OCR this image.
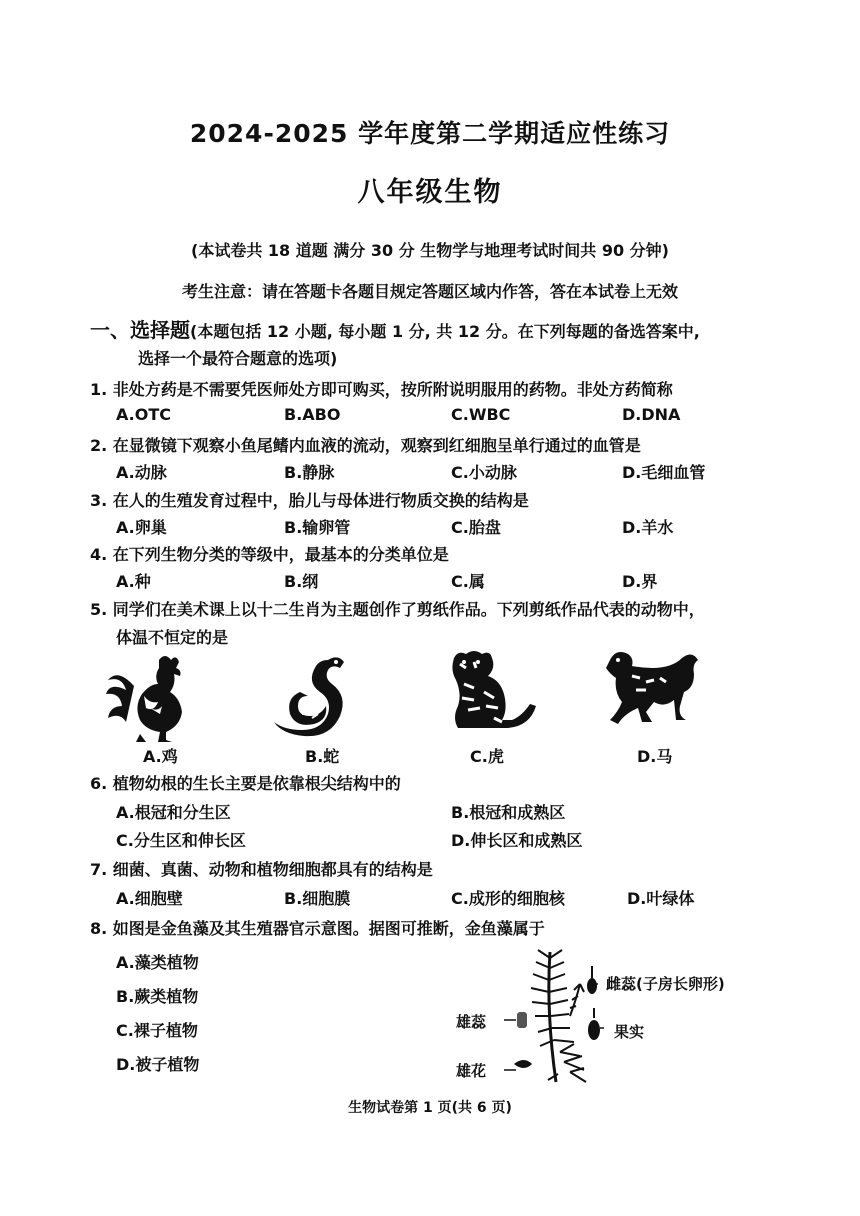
2024-2025 学年度第二学期适应性练习
八年级生物
(本试卷共 18 道题 满分 30 分 生物学与地理考试时间共 90 分钟)
考生注意：请在答题卡各题目规定答题区域内作答，答在本试卷上无效
一、选择题(本题包括 12 小题, 每小题 1 分, 共 12 分。在下列每题的备选答案中,
选择一个最符合题意的选项)
1. 非处方药是不需要凭医师处方即可购买，按所附说明服用的药物。非处方药简称
A.OTC	B.ABO	C.WBC	D.DNA
2. 在显微镜下观察小鱼尾鳍内血液的流动，观察到红细胞呈单行通过的血管是
A.动脉	B.静脉	C.小动脉	D.毛细血管
3. 在人的生殖发育过程中，胎儿与母体进行物质交换的结构是
A.卵巢	B.输卵管	C.胎盘	D.羊水
4. 在下列生物分类的等级中，最基本的分类单位是
A.种	B.纲	C.属	D.界
5. 同学们在美术课上以十二生肖为主题创作了剪纸作品。下列剪纸作品代表的动物中，
体温不恒定的是
A.鸡	B.蛇	C.虎	D.马
6. 植物幼根的生长主要是依靠根尖结构中的
A.根冠和分生区	B.根冠和成熟区
C.分生区和伸长区	D.伸长区和成熟区
7. 细菌、真菌、动物和植物细胞都具有的结构是
A.细胞壁	B.细胞膜	C.成形的细胞核	D.叶绿体
8. 如图是金鱼藻及其生殖器官示意图。据图可推断，金鱼藻属于
A.藻类植物
B.蕨类植物
C.裸子植物
D.被子植物
雌蕊(子房长卵形)
雄蕊
果实
雄花
生物试卷第 1 页(共 6 页)
